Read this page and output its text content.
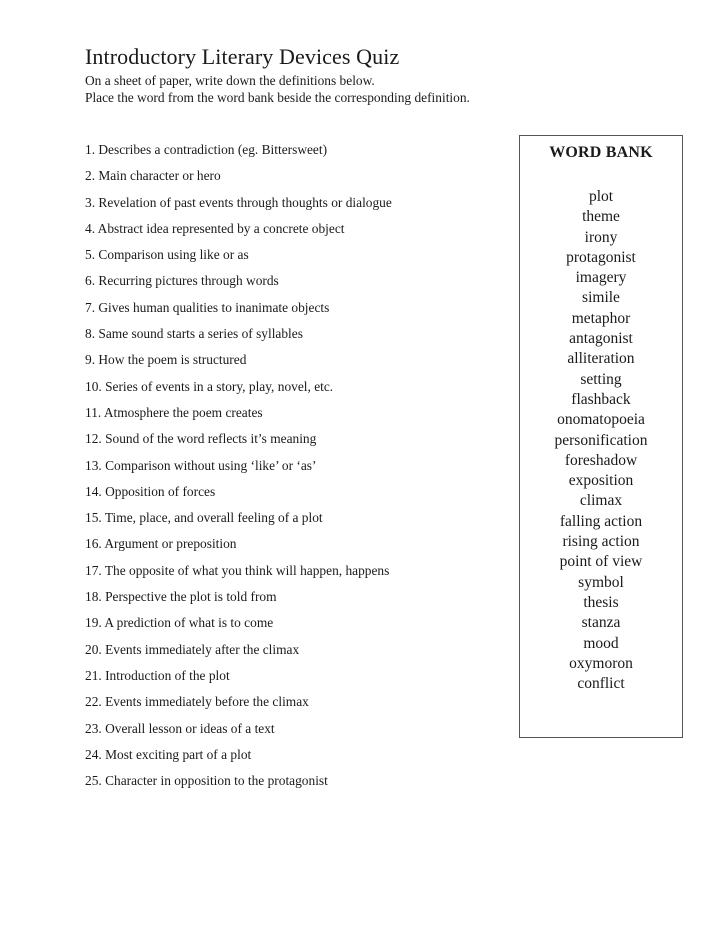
Introductory Literary Devices Quiz
On a sheet of paper, write down the definitions below.
Place the word from the word bank beside the corresponding definition.
1. Describes a contradiction (eg. Bittersweet)
2. Main character or hero
3. Revelation of past events through thoughts or dialogue
4. Abstract idea represented by a concrete object
5. Comparison using like or as
6. Recurring pictures through words
7. Gives human qualities to inanimate objects
8. Same sound starts a series of syllables
9. How the poem is structured
10. Series of events in a story, play, novel, etc.
11. Atmosphere the poem creates
12. Sound of the word reflects it’s meaning
13. Comparison without using ‘like’ or ‘as’
14. Opposition of forces
15. Time, place, and overall feeling of a plot
16. Argument or preposition
17. The opposite of what you think will happen, happens
18. Perspective the plot is told from
19. A prediction of what is to come
20. Events immediately after the climax
21. Introduction of the plot
22. Events immediately before the climax
23. Overall lesson or ideas of a text
24. Most exciting part of a plot
25. Character in opposition to the protagonist
WORD BANK
plot
theme
irony
protagonist
imagery
simile
metaphor
antagonist
alliteration
setting
flashback
onomatopoeia
personification
foreshadow
exposition
climax
falling action
rising action
point of view
symbol
thesis
stanza
mood
oxymoron
conflict
